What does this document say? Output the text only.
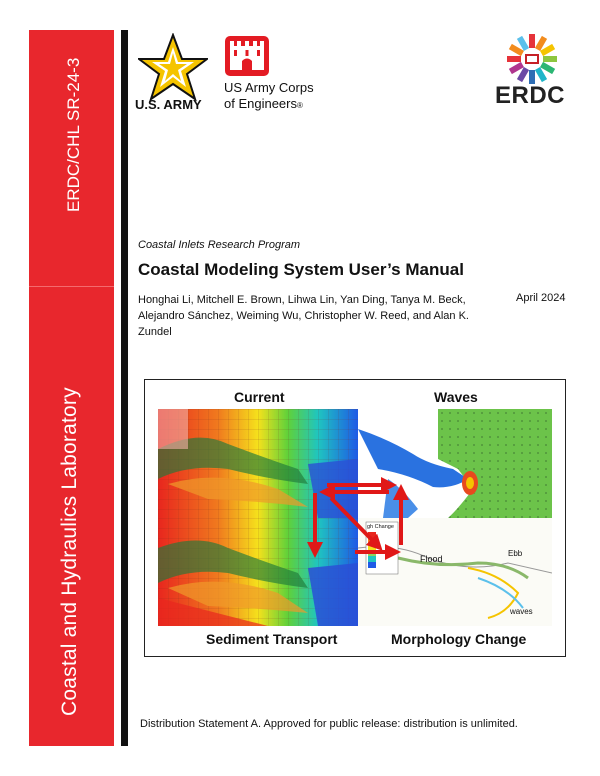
ERDC/CHL SR-24-3
Coastal and Hydraulics Laboratory
U.S. ARMY
US Army Corps
of Engineers®	ERDC
Coastal Inlets Research Program
Coastal Modeling System User’s Manual
Honghai Li, Mitchell E. Brown, Lihwa Lin, Yan Ding, Tanya M. Beck, Alejandro Sánchez, Weiming Wu, Christopher W. Reed, and Alan K. Zundel
April 2024
Current	Waves
Sediment Transport	Morphology Change
gh Change
Flood
Ebb
waves
Distribution Statement A. Approved for public release: distribution is unlimited.
